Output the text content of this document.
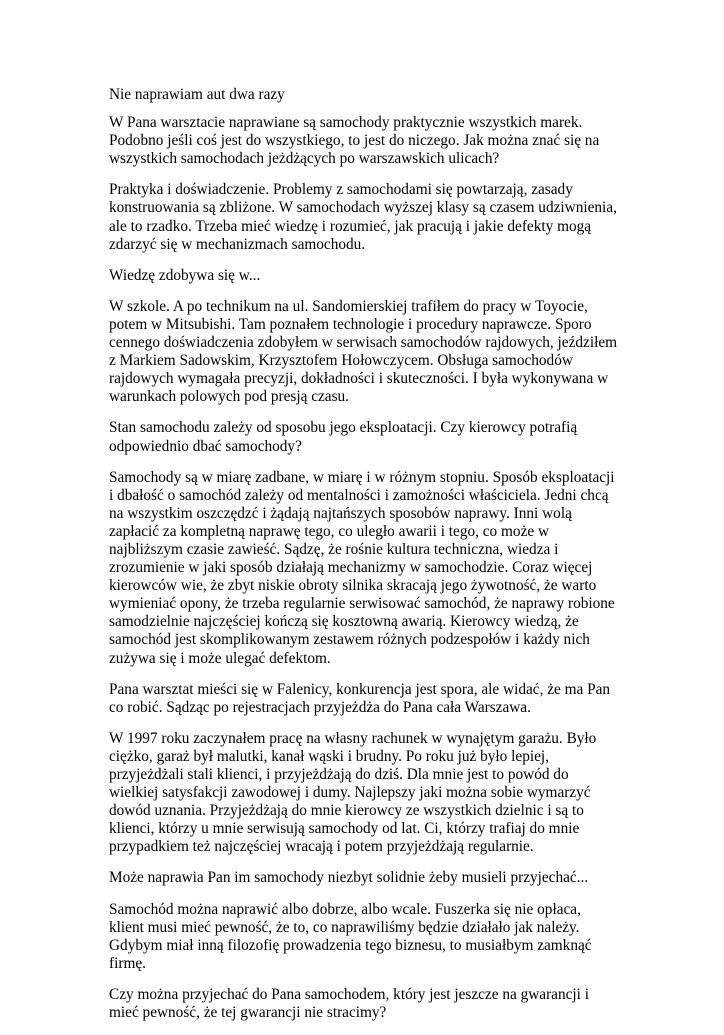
Nie naprawiam aut dwa razy

W Pana warsztacie naprawiane są samochody praktycznie wszystkich marek. Podobno jeśli coś jest do wszystkiego, to jest do niczego. Jak można znać się na wszystkich samochodach jeżdżących po warszawskich ulicach?

Praktyka i doświadczenie. Problemy z samochodami się powtarzają, zasady konstruowania są zbliżone. W samochodach wyższej klasy są czasem udziwnienia, ale to rzadko. Trzeba mieć wiedzę i rozumieć, jak pracują i jakie defekty mogą zdarzyć się w mechanizmach samochodu.

Wiedzę zdobywa się w...

W szkole. A po technikum na ul. Sandomierskiej trafiłem do pracy w Toyocie, potem w Mitsubishi. Tam poznałem technologie i procedury naprawcze. Sporo cennego doświadczenia zdobyłem w serwisach samochodów rajdowych, jeździłem z Markiem Sadowskim, Krzysztofem Hołowczycem. Obsługa samochodów rajdowych wymagała precyzji, dokładności i skuteczności. I była wykonywana w warunkach polowych pod presją czasu.

Stan samochodu zależy od sposobu jego eksploatacji. Czy kierowcy potrafią odpowiednio dbać samochody?

Samochody są w miarę zadbane, w miarę i w różnym stopniu. Sposób eksploatacji i dbałość o samochód zależy od mentalności i zamożności właściciela. Jedni chcą na wszystkim oszczędzć i żądają najtańszych sposobów naprawy. Inni wolą zapłacić za kompletną naprawę tego, co uległo awarii i tego, co może w najbliższym czasie zawieść. Sądzę, że rośnie kultura techniczna, wiedza i zrozumienie w jaki sposób działają mechanizmy w samochodzie. Coraz więcej kierowców wie, że zbyt niskie obroty silnika skracają jego żywotność, że warto wymieniać opony, że trzeba regularnie serwisować samochód, że naprawy robione samodzielnie najczęściej kończą się kosztowną awarią. Kierowcy wiedzą, że samochód jest skomplikowanym zestawem różnych podzespołów i każdy nich zużywa się i może ulegać defektom.

Pana warsztat mieści się w Falenicy, konkurencja jest spora, ale widać, że ma Pan co robić. Sądząc po rejestracjach przyjeżdża do Pana cała Warszawa.

W 1997 roku zaczynałem pracę na własny rachunek w wynajętym garażu. Było ciężko, garaż był malutki, kanał wąski i brudny. Po roku już było lepiej, przyjeżdżali stali klienci, i przyjeżdżają do dziś. Dla mnie jest to powód do wielkiej satysfakcji zawodowej i dumy. Najlepszy jaki można sobie wymarzyć dowód uznania. Przyjeżdżają do mnie kierowcy ze wszystkich dzielnic i są to klienci, którzy u mnie serwisują samochody od lat. Ci, którzy trafiaj do mnie przypadkiem też najczęściej wracają i potem przyjeżdżają regularnie.

Może naprawia Pan im samochody niezbyt solidnie żeby musieli przyjechać...

Samochód można naprawić albo dobrze, albo wcale. Fuszerka się nie opłaca, klient musi mieć pewność, że to, co naprawiliśmy będzie działało jak należy. Gdybym miał inną filozofię prowadzenia tego biznesu, to musiałbym zamknąć firmę.

Czy można przyjechać do Pana samochodem, który jest jeszcze na gwarancji i mieć pewność, że tej gwarancji nie stracimy?
